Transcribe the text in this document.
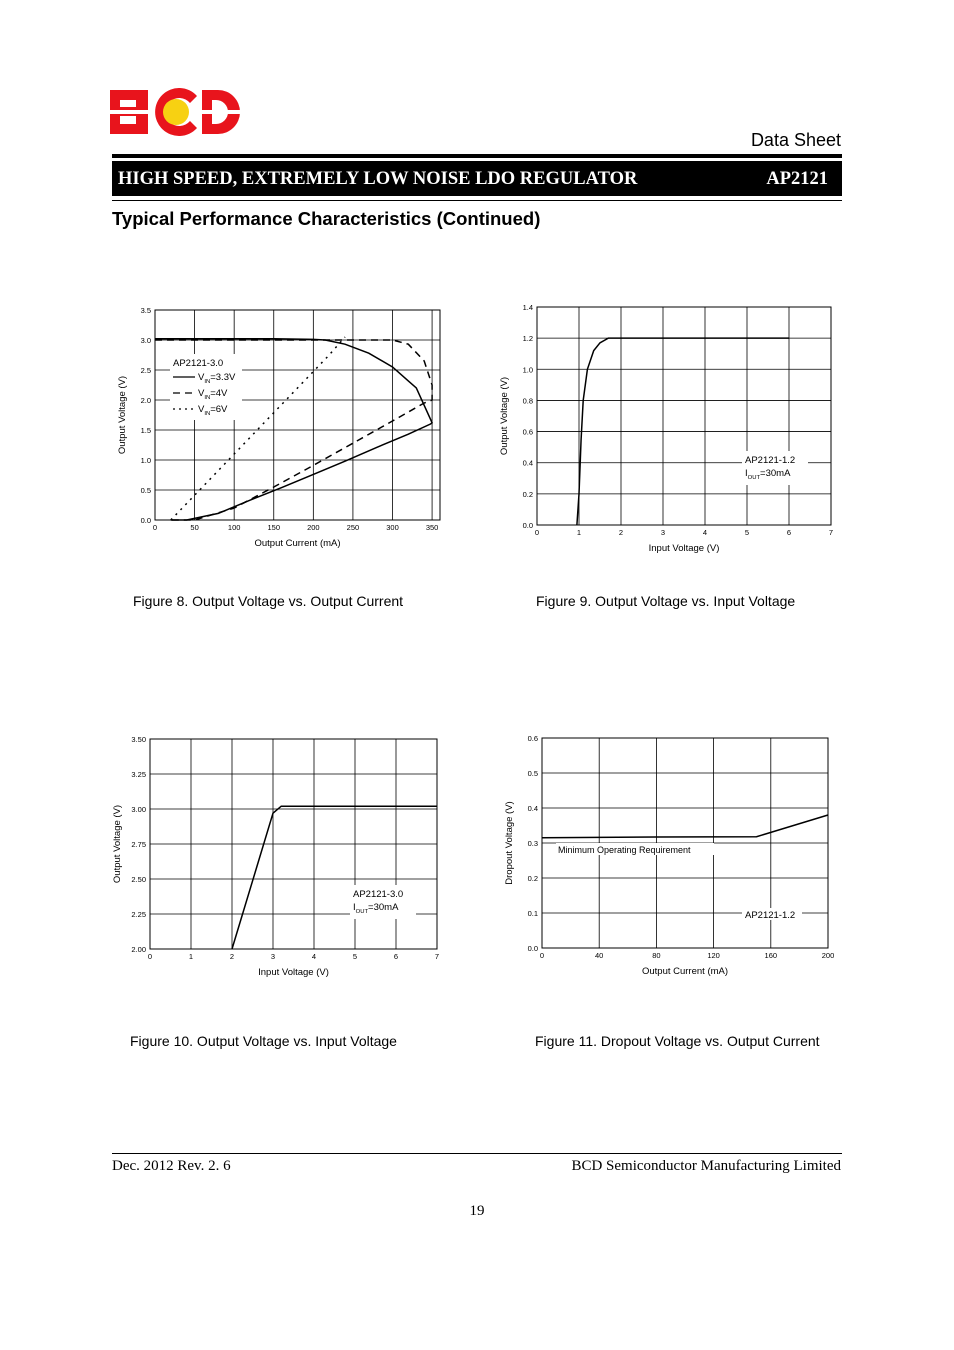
Data Sheet
HIGH SPEED, EXTREMELY LOW NOISE LDO REGULATOR	AP2121
Typical Performance Characteristics (Continued)
0	50	100	150	200	250	300	350
0.0
0.5
1.0
1.5
2.0
2.5
3.0
3.5
Output Current (mA)
Output Voltage (V)
AP2121-3.0
$V_{IN}=3.3V$
$V_{IN}=4V$
$V_{IN}=6V$
0	1	2	3	4	5	6	7
0.0
0.2
0.4
0.6
0.8
1.0
1.2
1.4
Input Voltage (V)
Output Voltage (V)
AP2121-1.2
$I_{OUT}=30mA$
0	1	2	3	4	5	6	7
2.00
2.25
2.50
2.75
3.00
3.25
3.50
Input Voltage (V)
Output Voltage (V)
AP2121-3.0
$I_{OUT}=30mA$
0	40	80	120	160	200
0.0
0.1
0.2
0.3
0.4
0.5
0.6
Output Current (mA)
Dropout Voltage (V)	Minimum Operating Requirement
AP2121-1.2
Figure 8. Output Voltage vs. Output Current	Figure 9. Output Voltage vs. Input Voltage
Figure 10. Output Voltage vs. Input Voltage	Figure 11. Dropout Voltage vs. Output Current
Dec. 2012 Rev. 2. 6	BCD Semiconductor Manufacturing Limited
19
